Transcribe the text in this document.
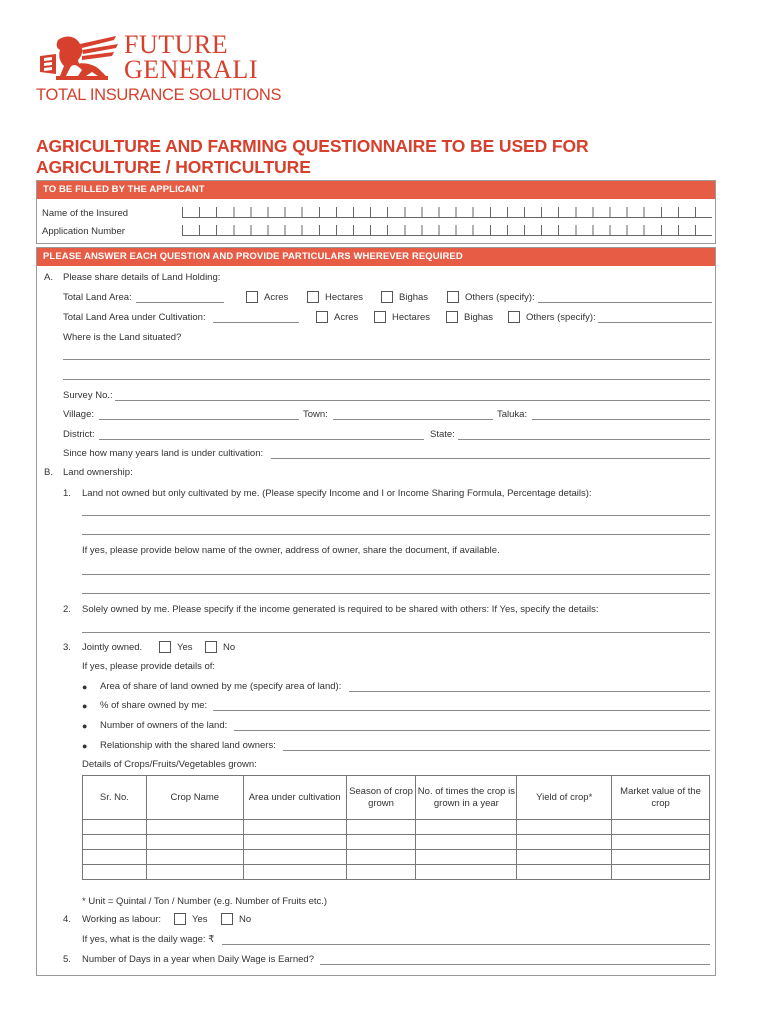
FUTURE
GENERALI
TOTAL INSURANCE SOLUTIONS
AGRICULTURE AND FARMING QUESTIONNAIRE TO BE USED FOR
AGRICULTURE / HORTICULTURE
TO BE FILLED BY THE APPLICANT
Name of the Insured
Application Number
PLEASE ANSWER EACH QUESTION AND PROVIDE PARTICULARS WHEREVER REQUIRED
A. Please share details of Land Holding:
Total Land Area:	Acres	Hectares	Bighas	Others (specify):
Total Land Area under Cultivation:	Acres	Hectares	Bighas	Others (specify):
Where is the Land situated?
Survey No.:
Village:	Town:	Taluka:
District:	State:
Since how many years land is under cultivation:
B. Land ownership:
1. Land not owned but only cultivated by me. (Please specify Income and I or Income Sharing Formula, Percentage details):
If yes, please provide below name of the owner, address of owner, share the document, if available.
2. Solely owned by me. Please specify if the income generated is required to be shared with others: If Yes, specify the details:
3. Jointly owned.	Yes	No
If yes, please provide details of:
● Area of share of land owned by me (specify area of land):
● % of share owned by me:
● Number of owners of the land:
● Relationship with the shared land owners:
Details of Crops/Fruits/Vegetables grown:
Sr. No.	Crop Name	Area under cultivation	Season of crop grown	No. of times the crop is grown in a year	Yield of crop*	Market value of the crop

* Unit = Quintal / Ton / Number (e.g. Number of Fruits etc.)
4. Working as labour:	Yes	No
If yes, what is the daily wage: ₹
5. Number of Days in a year when Daily Wage is Earned?
